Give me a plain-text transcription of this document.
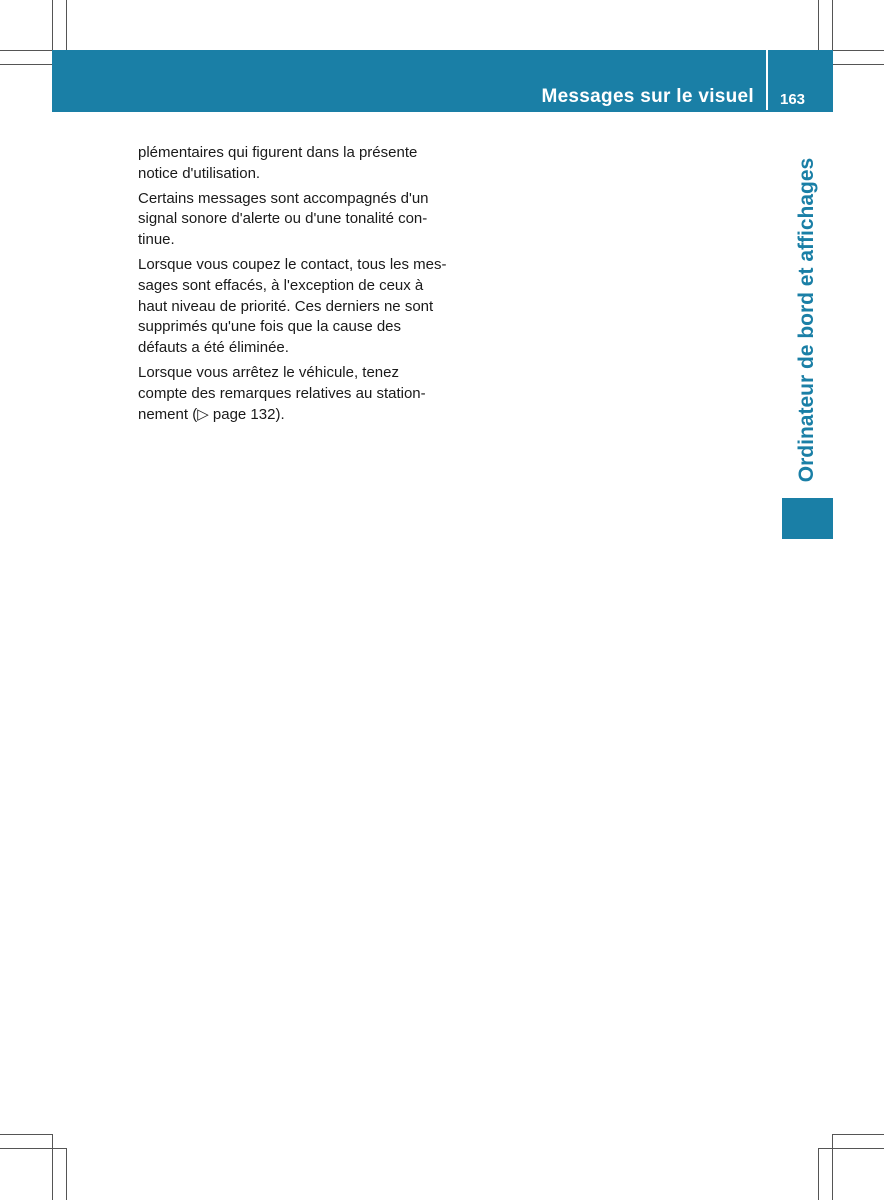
Messages sur le visuel 163
Ordinateur de bord et affichages

plémentaires qui figurent dans la présente
notice d'utilisation.

Certains messages sont accompagnés d'un
signal sonore d'alerte ou d'une tonalité con-
tinue.

Lorsque vous coupez le contact, tous les mes-
sages sont effacés, à l'exception de ceux à
haut niveau de priorité. Ces derniers ne sont
supprimés qu'une fois que la cause des
défauts a été éliminée.

Lorsque vous arrêtez le véhicule, tenez
compte des remarques relatives au station-
nement (▷ page 132).
